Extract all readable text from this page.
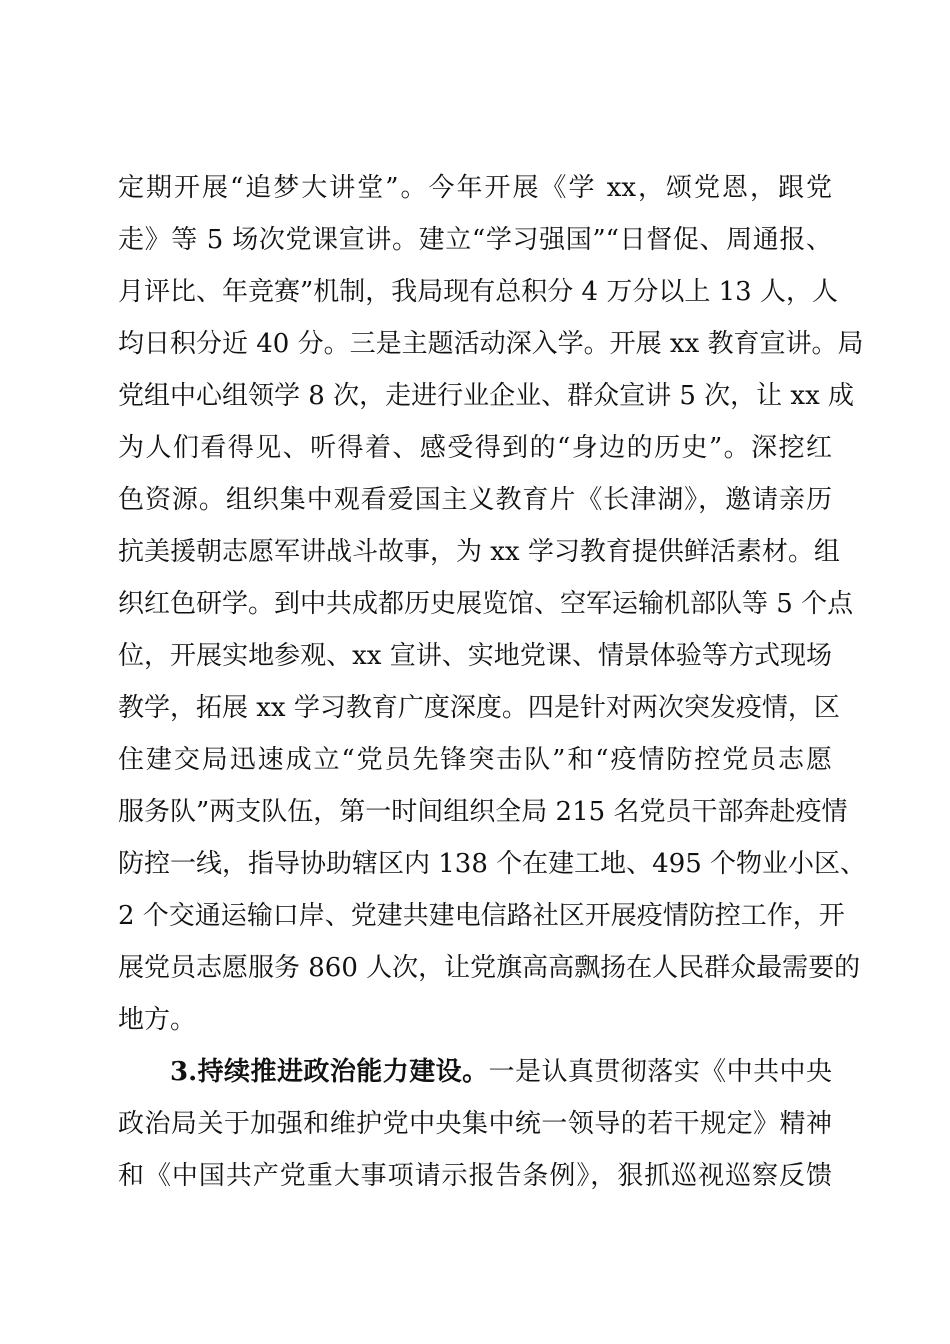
定期开展“追梦大讲堂”。今年开展《学 xx，颂党恩，跟党
走》等 5 场次党课宣讲。建立“学习强国”“日督促、周通报、
月评比、年竞赛”机制，我局现有总积分 4 万分以上 13 人，人
均日积分近 40 分。三是主题活动深入学。开展 xx 教育宣讲。局
党组中心组领学 8 次，走进行业企业、群众宣讲 5 次，让 xx 成
为人们看得见、听得着、感受得到的“身边的历史”。深挖红
色资源。组织集中观看爱国主义教育片《长津湖》，邀请亲历
抗美援朝志愿军讲战斗故事，为 xx 学习教育提供鲜活素材。组
织红色研学。到中共成都历史展览馆、空军运输机部队等 5 个点
位，开展实地参观、xx 宣讲、实地党课、情景体验等方式现场
教学，拓展 xx 学习教育广度深度。四是针对两次突发疫情，区
住建交局迅速成立“党员先锋突击队”和“疫情防控党员志愿
服务队”两支队伍，第一时间组织全局 215 名党员干部奔赴疫情
防控一线，指导协助辖区内 138 个在建工地、495 个物业小区、
2 个交通运输口岸、党建共建电信路社区开展疫情防控工作，开
展党员志愿服务 860 人次，让党旗高高飘扬在人民群众最需要的
地方。
3.持续推进政治能力建设。一是认真贯彻落实《中共中央
政治局关于加强和维护党中央集中统一领导的若干规定》精神
和《中国共产党重大事项请示报告条例》，狠抓巡视巡察反馈
